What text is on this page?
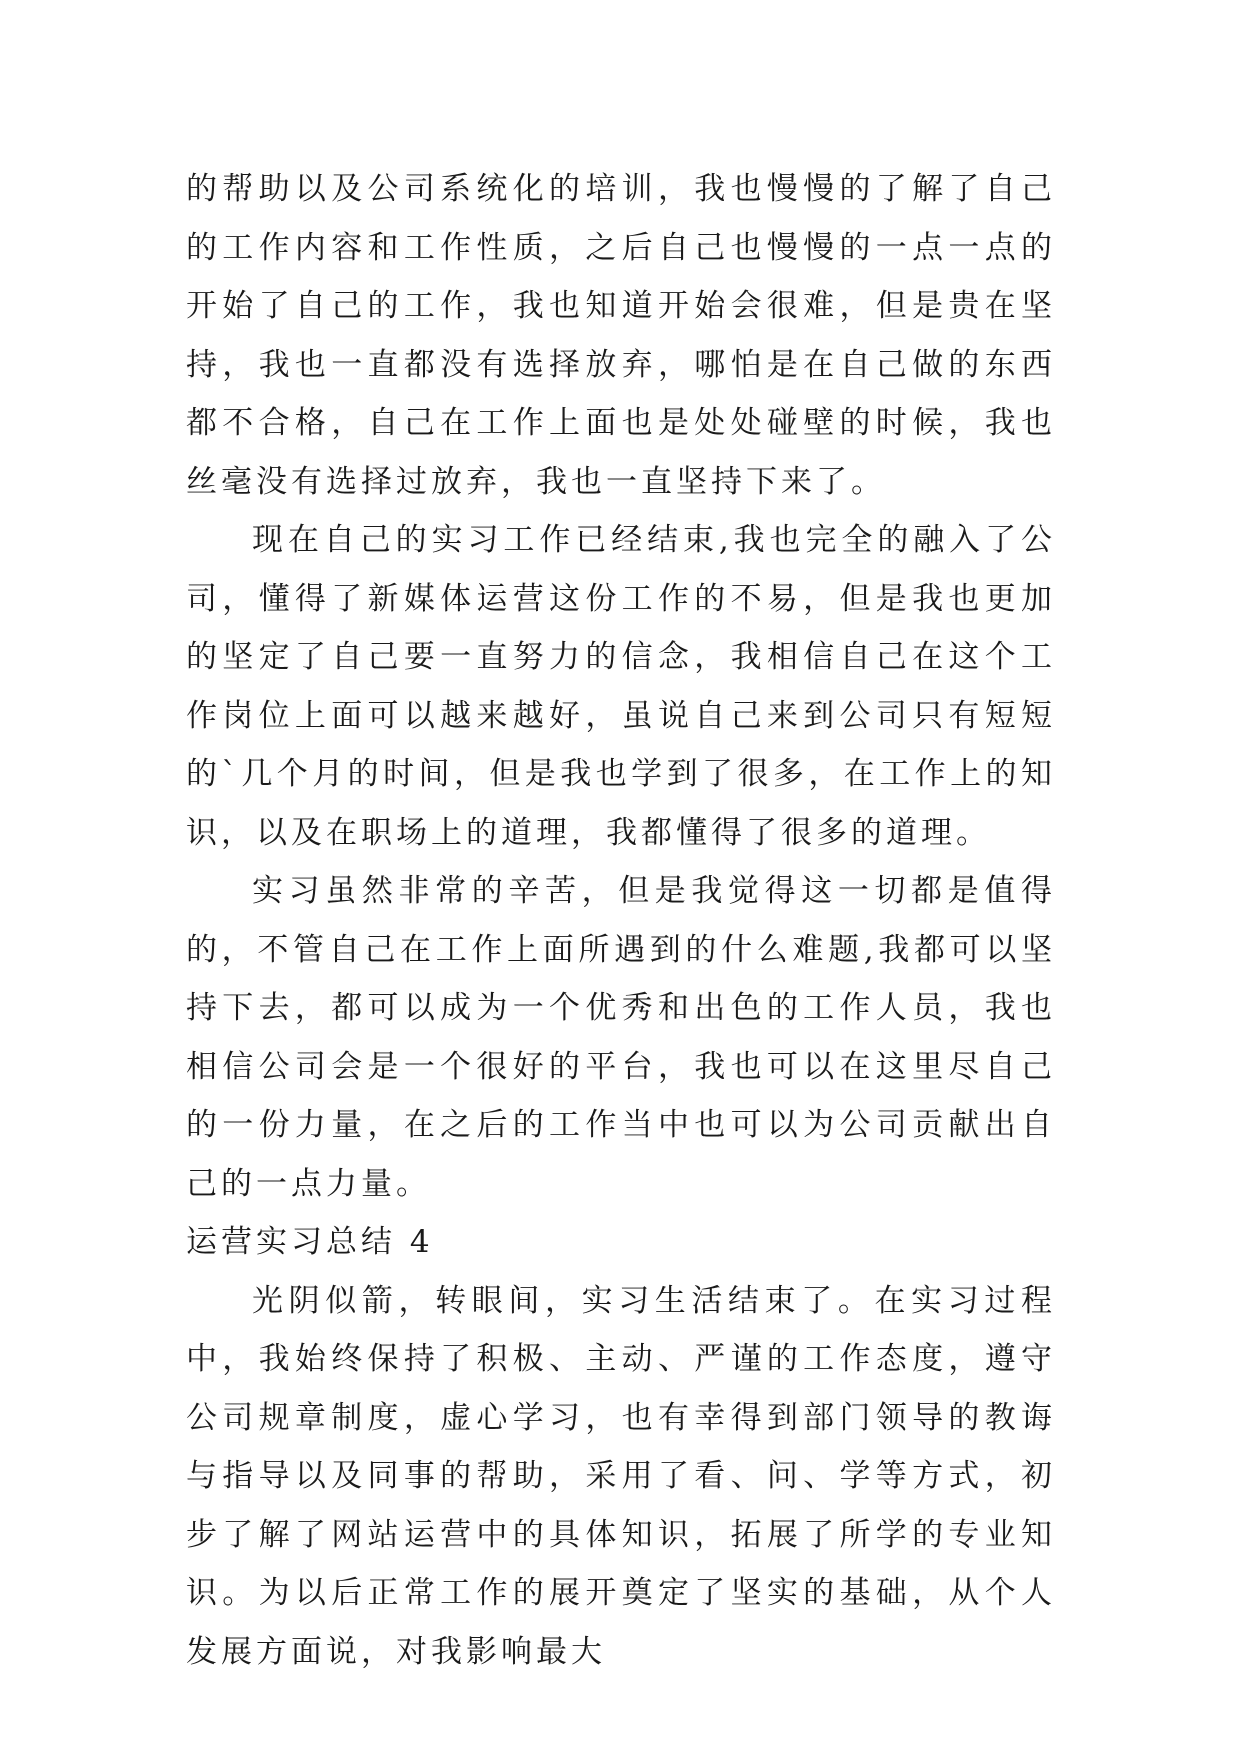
的帮助以及公司系统化的培训，我也慢慢的了解了自己的工作内容和工作性质，之后自己也慢慢的一点一点的开始了自己的工作，我也知道开始会很难，但是贵在坚持，我也一直都没有选择放弃，哪怕是在自己做的东西都不合格，自己在工作上面也是处处碰壁的时候，我也丝毫没有选择过放弃，我也一直坚持下来了。

现在自己的实习工作已经结束,我也完全的融入了公司，懂得了新媒体运营这份工作的不易，但是我也更加的坚定了自己要一直努力的信念，我相信自己在这个工作岗位上面可以越来越好，虽说自己来到公司只有短短的`几个月的时间，但是我也学到了很多，在工作上的知识，以及在职场上的道理，我都懂得了很多的道理。

实习虽然非常的辛苦，但是我觉得这一切都是值得的，不管自己在工作上面所遇到的什么难题,我都可以坚持下去，都可以成为一个优秀和出色的工作人员，我也相信公司会是一个很好的平台，我也可以在这里尽自己的一份力量，在之后的工作当中也可以为公司贡献出自己的一点力量。

运营实习总结 4

光阴似箭，转眼间，实习生活结束了。在实习过程中，我始终保持了积极、主动、严谨的工作态度，遵守公司规章制度，虚心学习，也有幸得到部门领导的教诲与指导以及同事的帮助，采用了看、问、学等方式，初步了解了网站运营中的具体知识，拓展了所学的专业知识。为以后正常工作的展开奠定了坚实的基础，从个人发展方面说，对我影响最大
